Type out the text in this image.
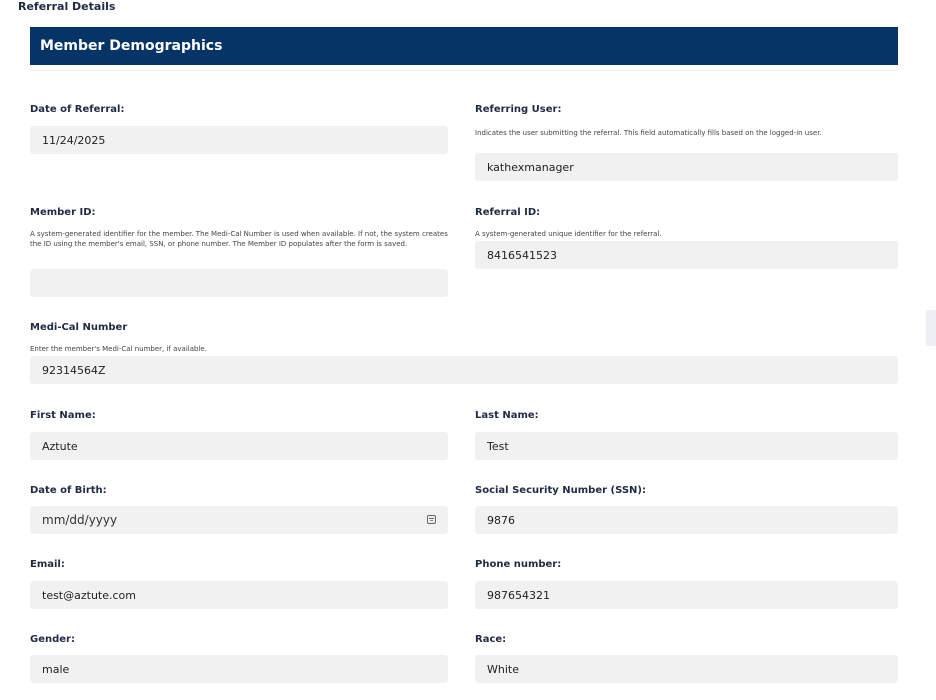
Referral Details
Member Demographics
Date of Referral:
11/24/2025
Referring User:
Indicates the user submitting the referral. This field automatically fills based on the logged-in user.
kathexmanager
Member ID:
A system-generated identifier for the member. The Medi-Cal Number is used when available. If not, the system creates the ID using the member's email, SSN, or phone number. The Member ID populates after the form is saved.
Referral ID:
A system-generated unique identifier for the referral.
8416541523
Medi-Cal Number
Enter the member's Medi-Cal number, if available.
92314564Z
First Name:
Aztute
Last Name:
Test
Date of Birth:
mm/dd/yyyy
Social Security Number (SSN):
9876
Email:
test@aztute.com
Phone number:
987654321
Gender:
male
Race:
White
